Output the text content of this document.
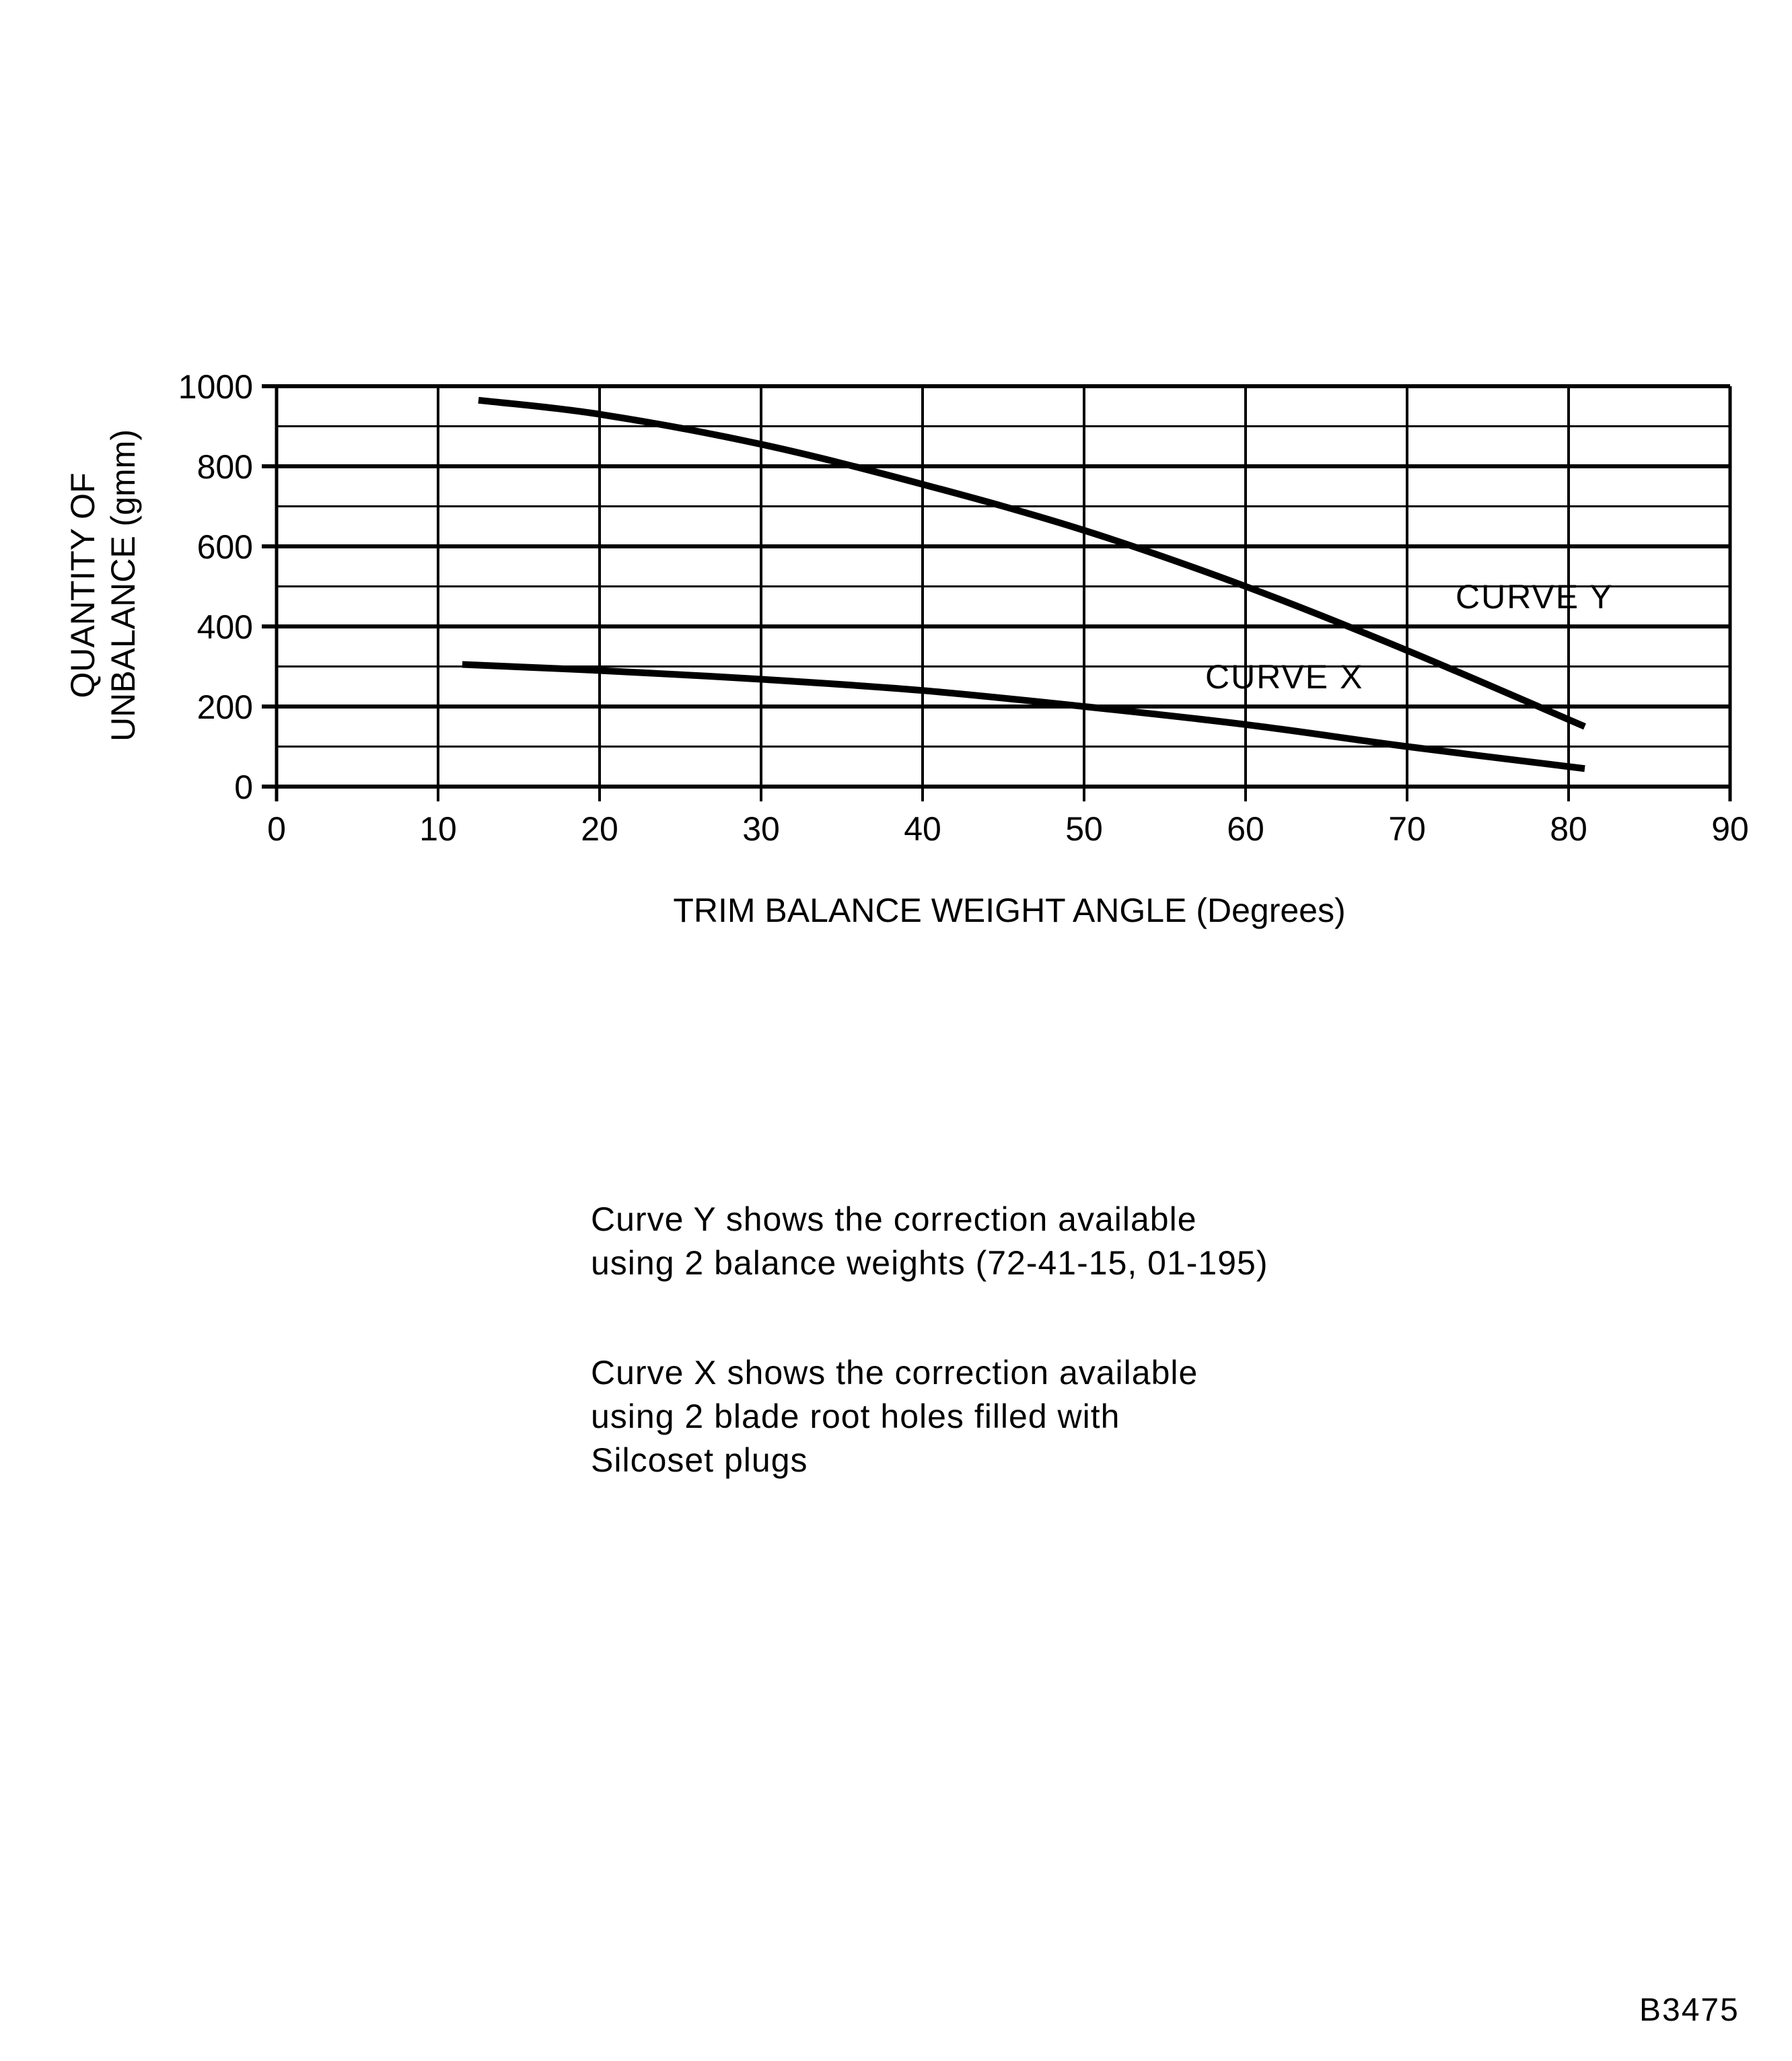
0	10	20	30	40	50	60	70	80	90
0
200
400
600
800
1000
CURVE Y
CURVE X
TRIM BALANCE WEIGHT ANGLE (Degrees)
QUANTITY OF UNBALANCE (gmm)
Curve Y shows the correction available
using 2 balance weights (72-41-15, 01-195)
Curve X shows the correction available
using 2 blade root holes filled with
Silcoset plugs
B3475
